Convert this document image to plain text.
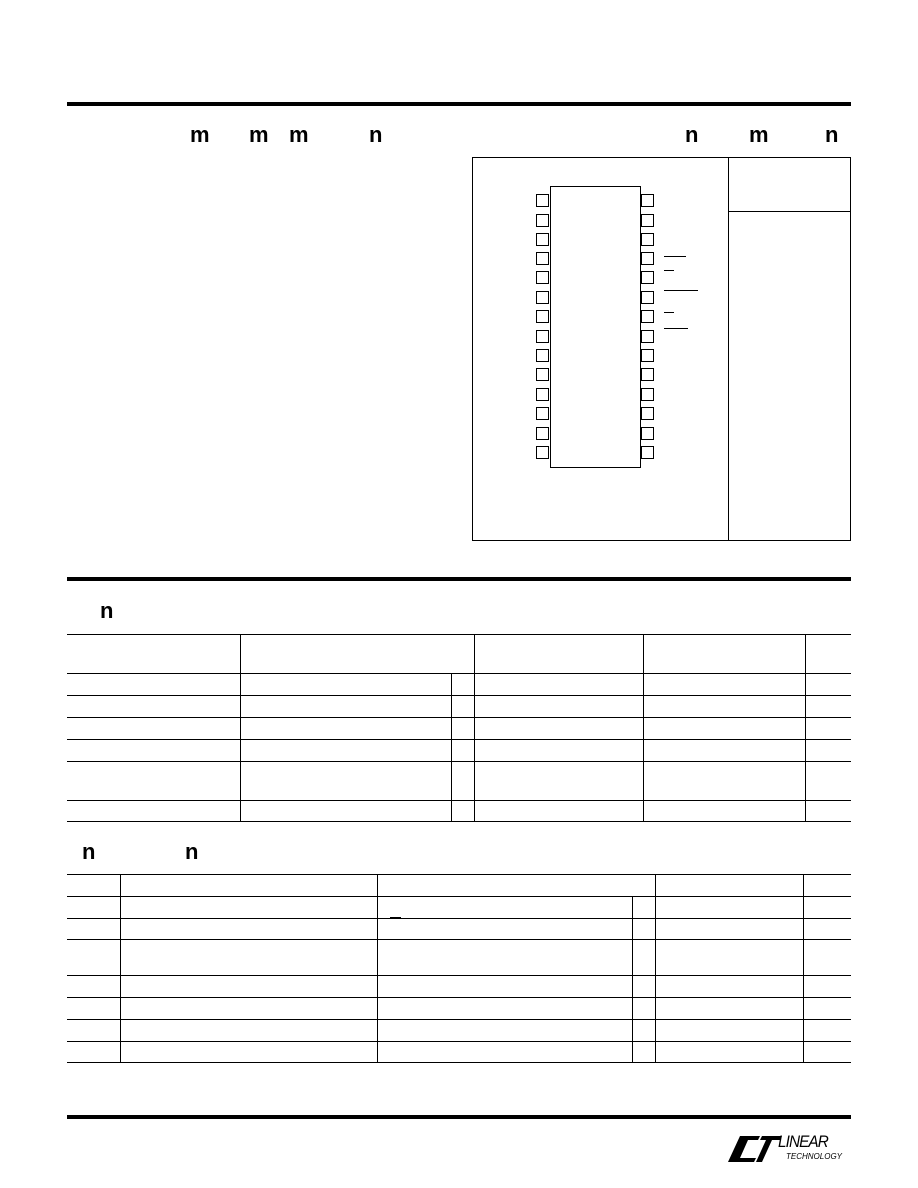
m m m	n	n m	n
n
n	n
LINEAR
TECHNOLOGY
